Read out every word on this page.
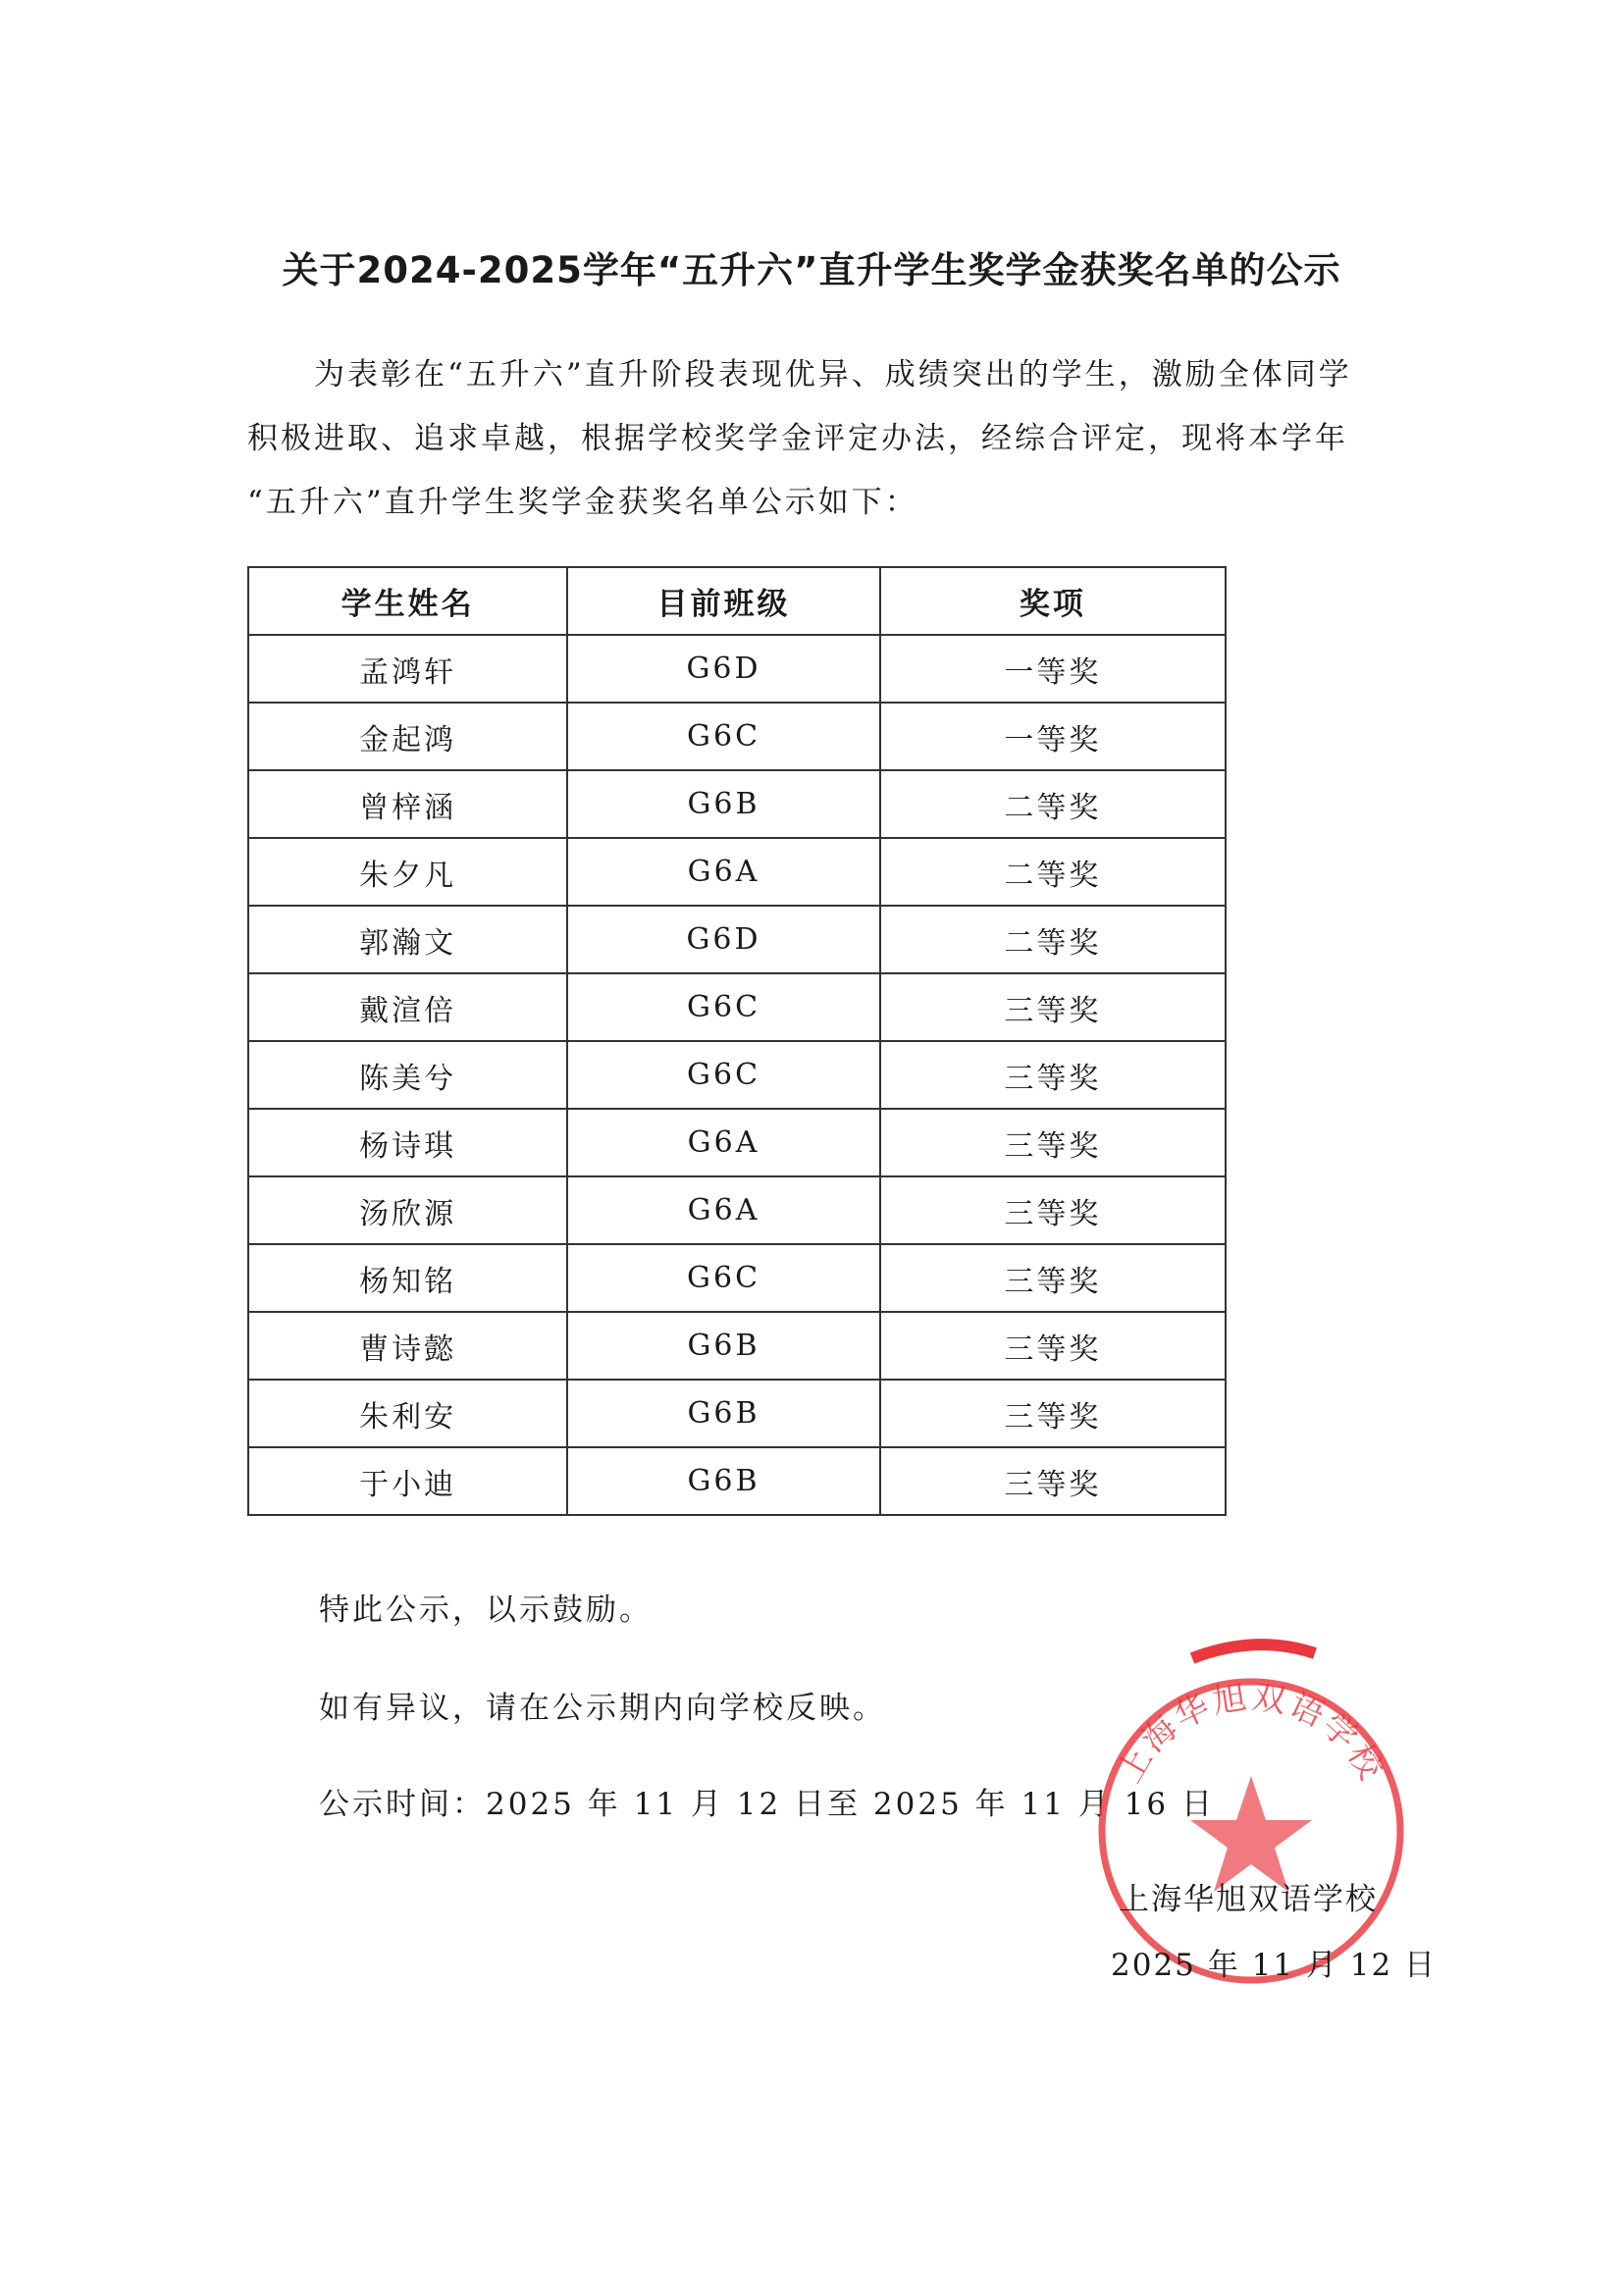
关于2024-2025学年“五升六”直升学生奖学金获奖名单的公示

为表彰在“五升六”直升阶段表现优异、成绩突出的学生，激励全体同学

积极进取、追求卓越，根据学校奖学金评定办法，经综合评定，现将本学年

“五升六”直升学生奖学金获奖名单公示如下：

学生姓名	目前班级	奖项
孟鸿轩	G6D	一等奖
金起鸿	G6C	一等奖
曾梓涵	G6B	二等奖
朱夕凡	G6A	二等奖
郭瀚文	G6D	二等奖
戴渲倍	G6C	三等奖
陈美兮	G6C	三等奖
杨诗琪	G6A	三等奖
汤欣源	G6A	三等奖
杨知铭	G6C	三等奖
曹诗懿	G6B	三等奖
朱利安	G6B	三等奖
于小迪	G6B	三等奖
特此公示，以示鼓励。
如有异议，请在公示期内向学校反映。
公示时间：2025 年 11 月 12 日至 2025 年 11 月 16 日
上海华旭双语学校
上海华旭双语学校
2025 年 11 月 12 日
